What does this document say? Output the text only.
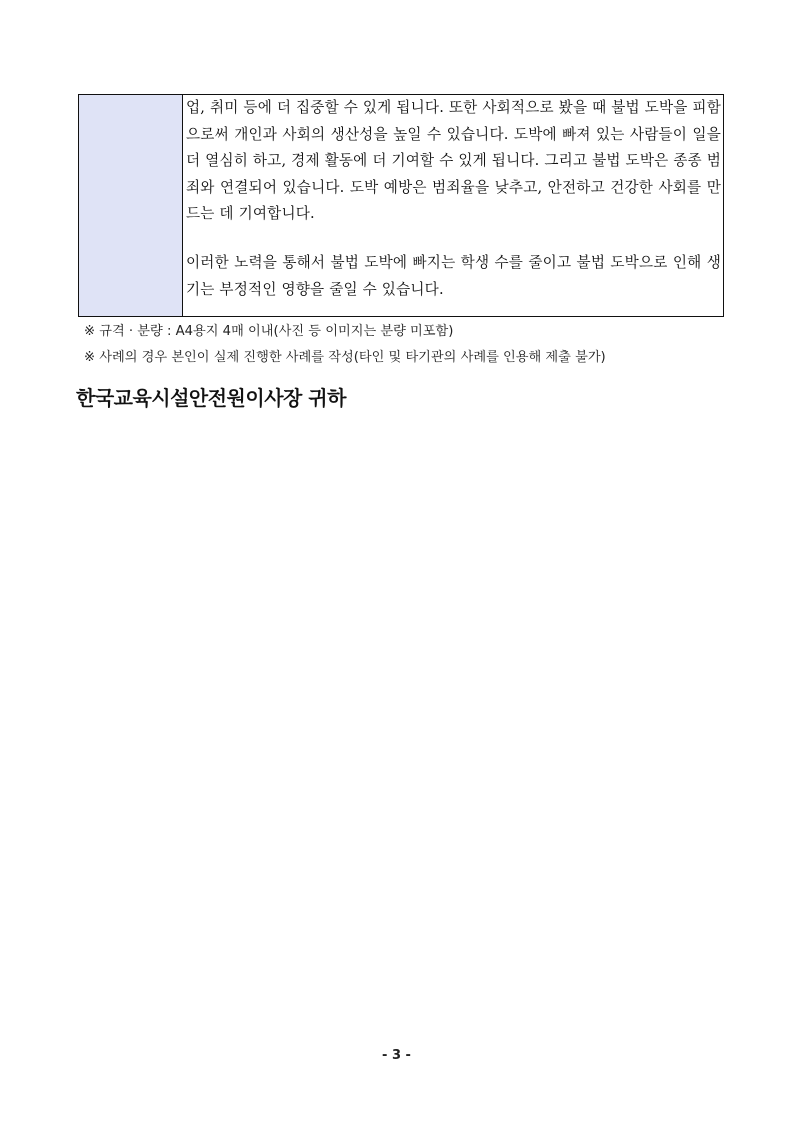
업, 취미 등에 더 집중할 수 있게 됩니다. 또한 사회적으로 봤을 때 불법 도박을 피함으로써 개인과 사회의 생산성을 높일 수 있습니다. 도박에 빠져 있는 사람들이 일을 더 열심히 하고, 경제 활동에 더 기여할 수 있게 됩니다. 그리고 불법 도박은 종종 범죄와 연결되어 있습니다. 도박 예방은 범죄율을 낮추고, 안전하고 건강한 사회를 만드는 데 기여합니다.

이러한 노력을 통해서 불법 도박에 빠지는 학생 수를 줄이고 불법 도박으로 인해 생기는 부정적인 영향을 줄일 수 있습니다.

※ 규격 · 분량 : A4용지 4매 이내(사진 등 이미지는 분량 미포함)
※ 사례의 경우 본인이 실제 진행한 사례를 작성(타인 및 타기관의 사례를 인용해 제출 불가)
한국교육시설안전원이사장 귀하
- 3 -
